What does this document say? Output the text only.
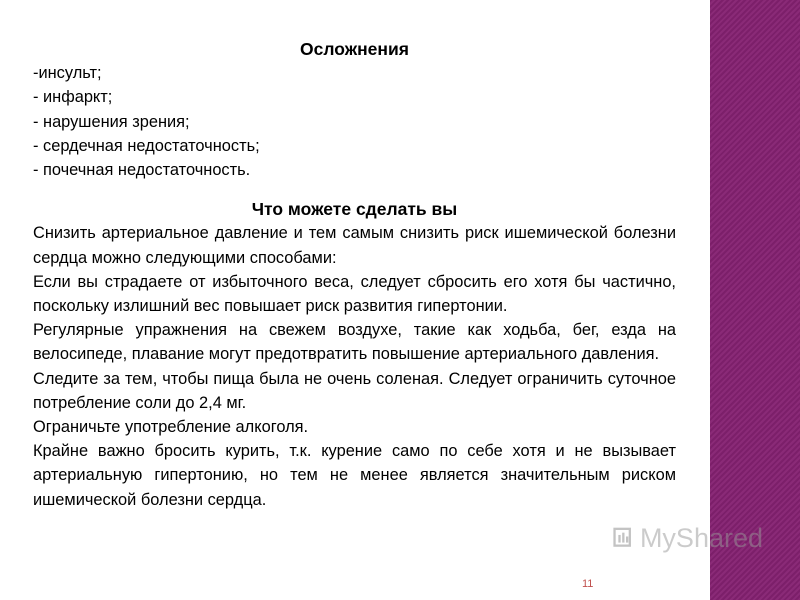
Осложнения
-инсульт;
- инфаркт;
- нарушения зрения;
- сердечная недостаточность;
- почечная недостаточность.
Что можете сделать вы
Снизить артериальное давление и тем самым снизить риск ишемической болезни сердца можно следующими способами:
Если вы страдаете от избыточного веса, следует сбросить его хотя бы частично, поскольку излишний вес повышает риск развития гипертонии.
Регулярные упражнения на свежем воздухе, такие как ходьба, бег, езда на велосипеде, плавание могут предотвратить повышение артериального давления.
Следите за тем, чтобы пища была не очень соленая. Следует ограничить суточное потребление соли до 2,4 мг.
Ограничьте употребление алкоголя.
Крайне важно бросить курить, т.к. курение само по себе хотя и не вызывает артериальную гипертонию, но тем не менее является значительным риском ишемической болезни сердца.
MyShared
11
